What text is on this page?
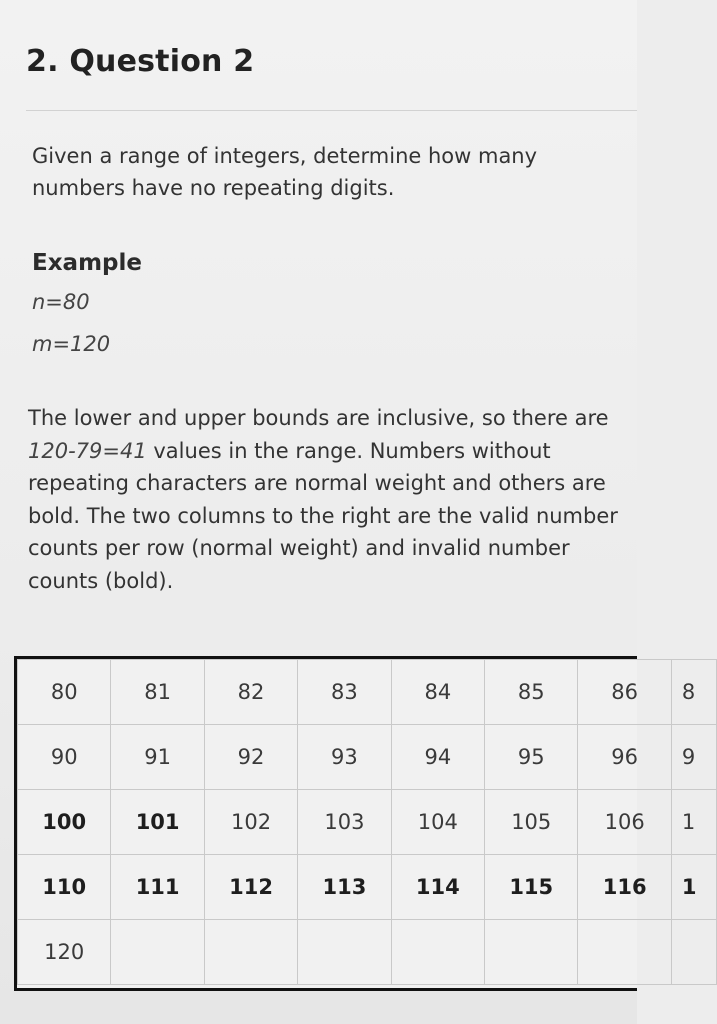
2. Question 2
Given a range of integers, determine how many numbers have no repeating digits.
Example
n=80
m=120
The lower and upper bounds are inclusive, so there are 120-79=41 values in the range. Numbers without repeating characters are normal weight and others are bold. The two columns to the right are the valid number counts per row (normal weight) and invalid number counts (bold).
80	81	82	83	84	85	86	8
90	91	92	93	94	95	96	9
100	101	102	103	104	105	106	1
110	111	112	113	114	115	116	1
120							
